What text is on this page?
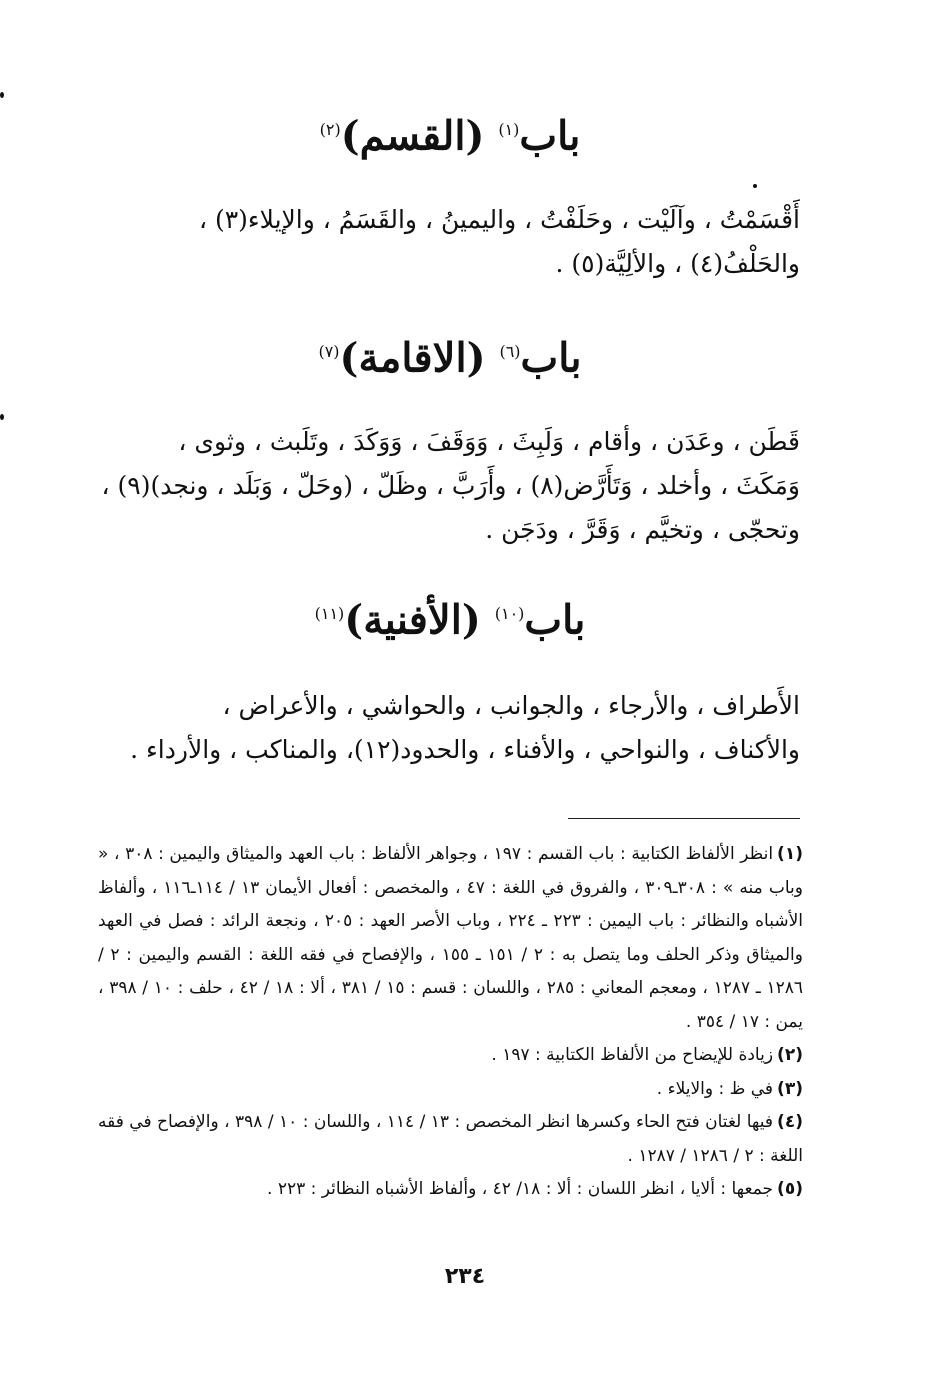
باب$^{(١)}$ (القسم)$^{(٢)}$

أَقْسَمْتُ ، وآلَيْت ، وحَلَفْتُ ، واليمينُ ، والقَسَمُ ، والإيلاء(٣) ،

والحَلْفُ(٤) ، والألِيَّة(٥) .

باب$^{(٦)}$ (الاقامة)$^{(٧)}$

قَطَن ، وعَدَن ، وأقام ، وَلَبِثَ ، وَوَقَفَ ، وَوَكَدَ ، وتَلَبث ، وثوى ،

وَمَكَثَ ، وأخلد ، وَتَأَرَّض(٨) ، وأَرَبَّ ، وظَلّ ، (وحَلّ ، وَبَلَد ، ونجد)(٩) ،

وتحجّى ، وتخيَّم ، وَقَرَّ ، ودَجَن .

باب$^{(١٠)}$ (الأفنية)$^{(١١)}$

الأَطراف ، والأرجاء ، والجوانب ، والحواشي ، والأعراض ،

والأكناف ، والنواحي ، والأفناء ، والحدود(١٢)، والمناكب ، والأرداء .

(١)انظر الألفاظ الكتابية : باب القسم : ١٩٧ ، وجواهر الألفاظ : باب العهد والميثاق واليمين : ٣٠٨ ، « وباب منه » : ٣٠٨ـ٣٠٩ ، والفروق في اللغة : ٤٧ ، والمخصص : أفعال الأيمان ١٣ / ١١٤ـ١١٦ ، وألفاظ الأشباه والنظائر : باب اليمين : ٢٢٣ ـ ٢٢٤ ، وباب الأصر العهد : ٢٠٥ ، ونجعة الرائد : فصل في العهد والميثاق وذكر الحلف وما يتصل به : ٢ / ١٥١ ـ ١٥٥ ، والإفصاح في فقه اللغة : القسم واليمين : ٢ / ١٢٨٦ ـ ١٢٨٧ ، ومعجم المعاني : ٢٨٥ ، واللسان : قسم : ١٥ / ٣٨١ ، ألا : ١٨ / ٤٢ ، حلف : ١٠ / ٣٩٨ ، يمن : ١٧ / ٣٥٤ .

(٢)زيادة للإيضاح من الألفاظ الكتابية : ١٩٧ .

(٣)في ظ : والايلاء .

(٤)فيها لغتان فتح الحاء وكسرها انظر المخصص : ١٣ / ١١٤ ، واللسان : ١٠ / ٣٩٨ ، والإفصاح في فقه اللغة : ٢ / ١٢٨٦ / ١٢٨٧ .

(٥)جمعها : ألايا ، انظر اللسان : ألا : ١٨/ ٤٢ ، وألفاظ الأشباه النظائر : ٢٢٣ .

٢٣٤
